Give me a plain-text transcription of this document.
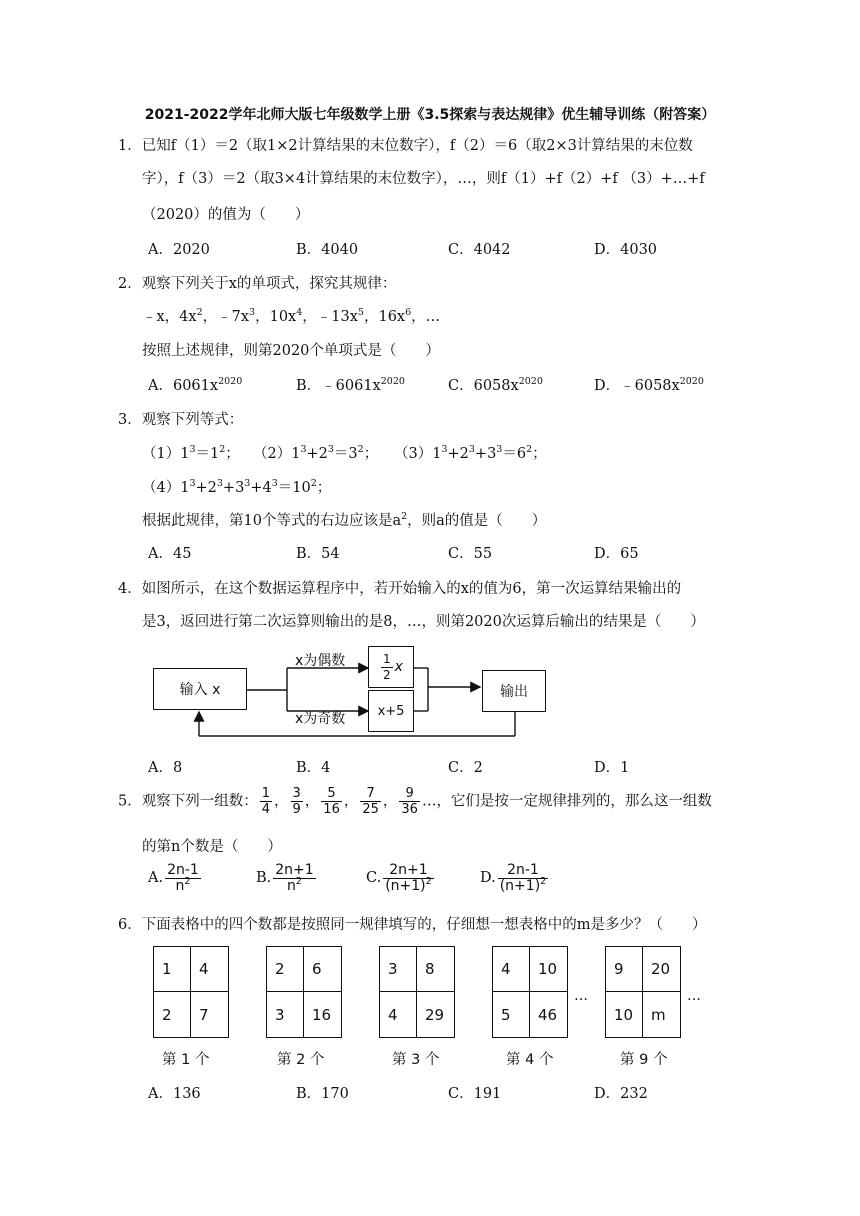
2021-2022学年北师大版七年级数学上册《3.5探索与表达规律》优生辅导训练（附答案）
1．已知f（1）＝2（取1×2计算结果的末位数字），f（2）＝6（取2×3计算结果的末位数
字），f（3）＝2（取3×4计算结果的末位数字），…，则f（1）+f（2）+f （3）+…+f
（2020）的值为（　　）
A．2020	B．4040	C．4042	D．4030
2．观察下列关于x的单项式，探究其规律：
﹣x，$4x^2$，$﹣7x^3$，$10x^4$，$﹣13x^5$，$16x^6$，…
按照上述规律，则第2020个单项式是（　　）
A．$6061x^{2020}$	B．$﹣6061x^{2020}$	C．$6058x^{2020}$	D．$﹣6058x^{2020}$
3．观察下列等式：
$(1)1^3=1^2$； $(2)1^3+2^3=3^2$； $(3)1^3+2^3+3^3=6^2$；
$(4)1^3+2^3+3^3+4^3=10^2$；
根据此规律，第10个等式的右边应该是$a^2$，则a的值是（　　）
A．45	B．54	C．55	D．65
4．如图所示，在这个数据运算程序中，若开始输入的x的值为6，第一次运算结果输出的
是3，返回进行第二次运算则输出的是8，…，则第2020次运算后输出的结果是（　　）
输入 x
x为偶数
x为奇数
$\frac{1}{2}$ x
x+5
输出
A．8	B．4	C．2	D．1
5．观察下列一组数： $\frac{1}{4}$ ， $\frac{3}{9}$ ， $\frac{5}{16}$ ， $\frac{7}{25}$ ， $\frac{9}{36}$ …，它们是按一定规律排列的，那么这一组数
的第n个数是（　　）
A. $\frac{2n-1}{n^2}$	B. $\frac{2n+1}{n^2}$	C. $\frac{2n+1}{(n+1)^2}$	D. $\frac{2n-1}{(n+1)^2}$
6．下面表格中的四个数都是按照同一规律填写的，仔细想一想表格中的m是多少？（　　）
1	4
2	7
第 1 个
2	6
3	16
第 2 个
3	8
4	29
第 3 个
4	10
5	46
第 4 个
…
9	20
10	m
第 9 个
…
A．136	B．170	C．191	D．232
